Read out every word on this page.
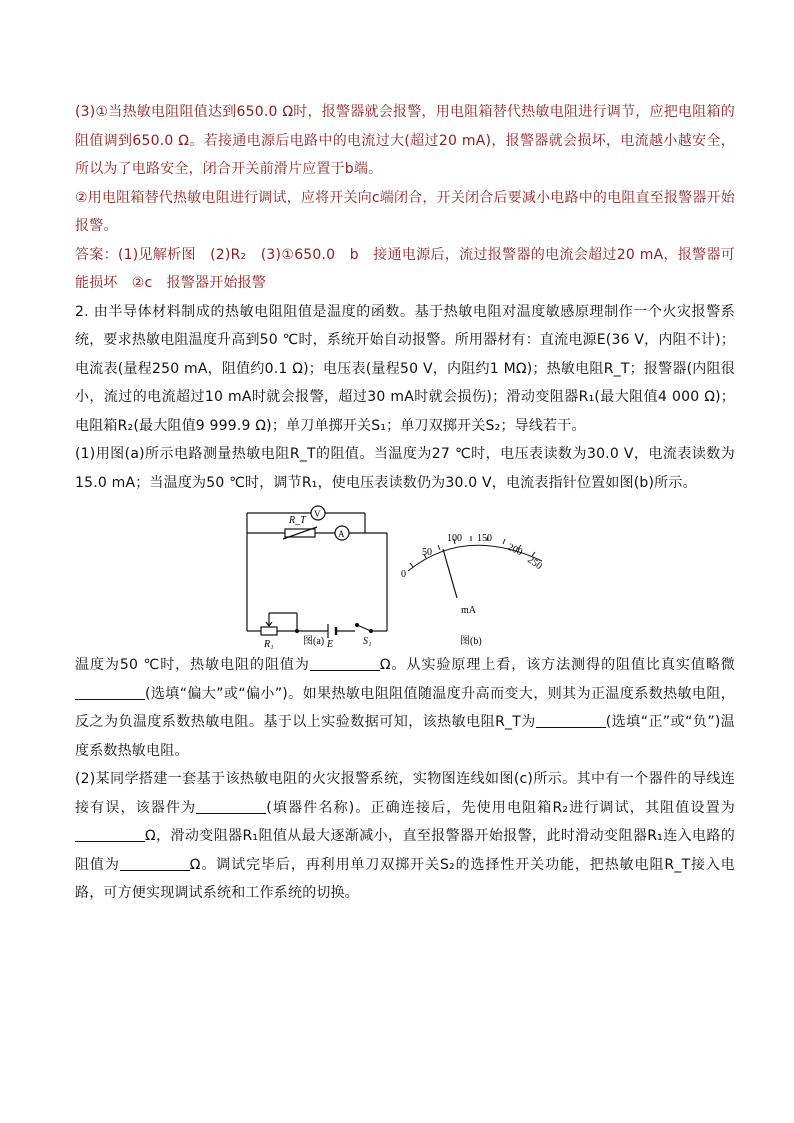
(3)①当热敏电阻阻值达到650.0 Ω时，报警器就会报警，用电阻箱替代热敏电阻进行调节，应把电阻箱的阻值调到650.0 Ω。若接通电源后电路中的电流过大(超过20 mA)，报警器就会损坏，电流越小越安全，所以为了电路安全，闭合开关前滑片应置于b端。

②用电阻箱替代热敏电阻进行调试，应将开关向c端闭合，开关闭合后要减小电路中的电阻直至报警器开始报警。

答案：(1)见解析图　(2)R₂　(3)①650.0　b　接通电源后，流过报警器的电流会超过20 mA，报警器可能损坏　②c　报警器开始报警

2. 由半导体材料制成的热敏电阻阻值是温度的函数。基于热敏电阻对温度敏感原理制作一个火灾报警系统，要求热敏电阻温度升高到50 ℃时，系统开始自动报警。所用器材有：直流电源E(36 V，内阻不计)；电流表(量程250 mA，阻值约0.1 Ω)；电压表(量程50 V，内阻约1 MΩ)；热敏电阻R_T；报警器(内阻很小，流过的电流超过10 mA时就会报警，超过30 mA时就会损伤)；滑动变阻器R₁(最大阻值4 000 Ω)；电阻箱R₂(最大阻值9 999.9 Ω)；单刀单掷开关S₁；单刀双掷开关S₂；导线若干。

(1)用图(a)所示电路测量热敏电阻R_T的阻值。当温度为27 ℃时，电压表读数为30.0 V，电流表读数为15.0 mA；当温度为50 ℃时，调节R₁，使电压表读数仍为30.0 V，电流表指针位置如图(b)所示。

V
A
R_T
R₁	E	S₁
图(a)
0
50
100 150
200
250
mA
图(b)

温度为50 ℃时，热敏电阻的阻值为	Ω。从实验原理上看，该方法测得的阻值比真实值略微(选填“偏大”或“偏小”)。如果热敏电阻阻值随温度升高而变大，则其为正温度系数热敏电阻，反之为负温度系数热敏电阻。基于以上实验数据可知，该热敏电阻R_T为	(选填“正”或“负”)温度系数热敏电阻。

(2)某同学搭建一套基于该热敏电阻的火灾报警系统，实物图连线如图(c)所示。其中有一个器件的导线连接有误，该器件为	(填器件名称)。正确连接后，先使用电阻箱R₂进行调试，其阻值设置为Ω，滑动变阻器R₁阻值从最大逐渐减小，直至报警器开始报警，此时滑动变阻器R₁连入电路的阻值为	Ω。调试完毕后，再利用单刀双掷开关S₂的选择性开关功能，把热敏电阻R_T接入电路，可方便实现调试系统和工作系统的切换。
